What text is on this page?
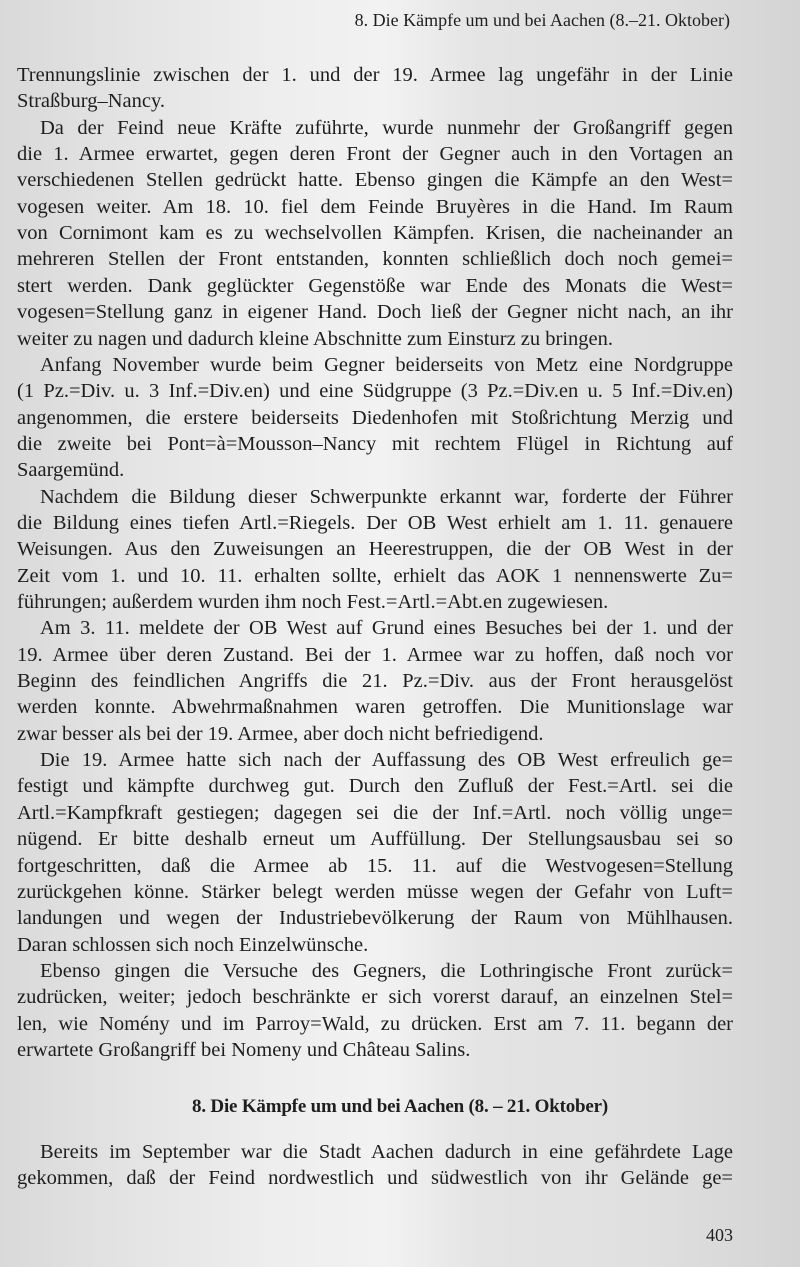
8. Die Kämpfe um und bei Aachen (8.–21. Oktober)
Trennungslinie zwischen der 1. und der 19. Armee lag ungefähr in der Linie
Straßburg–Nancy.
Da der Feind neue Kräfte zuführte, wurde nunmehr der Großangriff gegen
die 1. Armee erwartet, gegen deren Front der Gegner auch in den Vortagen an
verschiedenen Stellen gedrückt hatte. Ebenso gingen die Kämpfe an den West=
vogesen weiter. Am 18. 10. fiel dem Feinde Bruyères in die Hand. Im Raum
von Cornimont kam es zu wechselvollen Kämpfen. Krisen, die nacheinander an
mehreren Stellen der Front entstanden, konnten schließlich doch noch gemei=
stert werden. Dank geglückter Gegenstöße war Ende des Monats die West=
vogesen=Stellung ganz in eigener Hand. Doch ließ der Gegner nicht nach, an ihr
weiter zu nagen und dadurch kleine Abschnitte zum Einsturz zu bringen.
Anfang November wurde beim Gegner beiderseits von Metz eine Nordgruppe
(1 Pz.=Div. u. 3 Inf.=Div.en) und eine Südgruppe (3 Pz.=Div.en u. 5 Inf.=Div.en)
angenommen, die erstere beiderseits Diedenhofen mit Stoßrichtung Merzig und
die zweite bei Pont=à=Mousson–Nancy mit rechtem Flügel in Richtung auf
Saargemünd.
Nachdem die Bildung dieser Schwerpunkte erkannt war, forderte der Führer
die Bildung eines tiefen Artl.=Riegels. Der OB West erhielt am 1. 11. genauere
Weisungen. Aus den Zuweisungen an Heerestruppen, die der OB West in der
Zeit vom 1. und 10. 11. erhalten sollte, erhielt das AOK 1 nennenswerte Zu=
führungen; außerdem wurden ihm noch Fest.=Artl.=Abt.en zugewiesen.
Am 3. 11. meldete der OB West auf Grund eines Besuches bei der 1. und der
19. Armee über deren Zustand. Bei der 1. Armee war zu hoffen, daß noch vor
Beginn des feindlichen Angriffs die 21. Pz.=Div. aus der Front herausgelöst
werden konnte. Abwehrmaßnahmen waren getroffen. Die Munitionslage war
zwar besser als bei der 19. Armee, aber doch nicht befriedigend.
Die 19. Armee hatte sich nach der Auffassung des OB West erfreulich ge=
festigt und kämpfte durchweg gut. Durch den Zufluß der Fest.=Artl. sei die
Artl.=Kampfkraft gestiegen; dagegen sei die der Inf.=Artl. noch völlig unge=
nügend. Er bitte deshalb erneut um Auffüllung. Der Stellungsausbau sei so
fortgeschritten, daß die Armee ab 15. 11. auf die Westvogesen=Stellung
zurückgehen könne. Stärker belegt werden müsse wegen der Gefahr von Luft=
landungen und wegen der Industriebevölkerung der Raum von Mühlhausen.
Daran schlossen sich noch Einzelwünsche.
Ebenso gingen die Versuche des Gegners, die Lothringische Front zurück=
zudrücken, weiter; jedoch beschränkte er sich vorerst darauf, an einzelnen Stel=
len, wie Nomény und im Parroy=Wald, zu drücken. Erst am 7. 11. begann der
erwartete Großangriff bei Nomeny und Château Salins.
8. Die Kämpfe um und bei Aachen (8. – 21. Oktober)
Bereits im September war die Stadt Aachen dadurch in eine gefährdete Lage
gekommen, daß der Feind nordwestlich und südwestlich von ihr Gelände ge=
403
